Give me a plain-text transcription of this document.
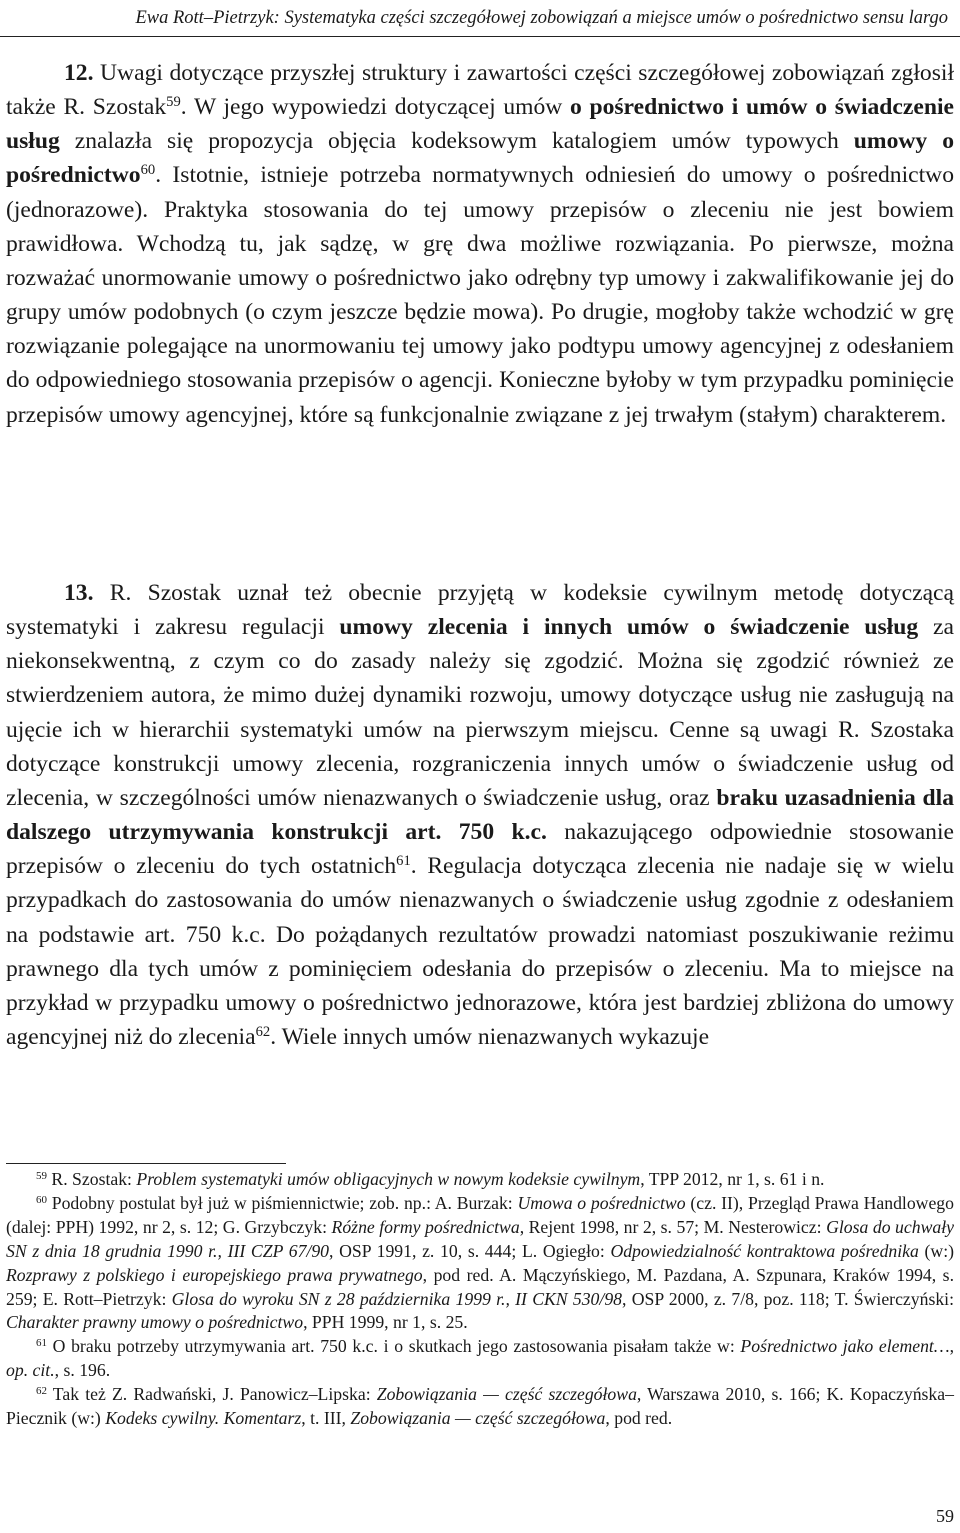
Ewa Rott–Pietrzyk: Systematyka części szczegółowej zobowiązań a miejsce umów o pośrednictwo sensu largo

12. Uwagi dotyczące przyszłej struktury i zawartości części szczegółowej zobowiązań zgłosił także R. Szostak$^{59}$. W jego wypowiedzi dotyczącej umów o pośrednictwo i umów o świadczenie usług znalazła się propozycja objęcia kodeksowym katalogiem umów typowych umowy o pośrednictwo$^{60}$. Istotnie, istnieje potrzeba normatywnych odniesień do umowy o pośrednictwo (jednorazowe). Praktyka stosowania do tej umowy przepisów o zleceniu nie jest bowiem prawidłowa. Wchodzą tu, jak sądzę, w grę dwa możliwe rozwiązania. Po pierwsze, można rozważać unormowanie umowy o pośrednictwo jako odrębny typ umowy i zakwalifikowanie jej do grupy umów podobnych (o czym jeszcze będzie mowa). Po drugie, mogłoby także wchodzić w grę rozwiązanie polegające na unormowaniu tej umowy jako podtypu umowy agencyjnej z odesłaniem do odpowiedniego stosowania przepisów o agencji. Konieczne byłoby w tym przypadku pominięcie przepisów umowy agencyjnej, które są funkcjonalnie związane z jej trwałym (stałym) charakterem.

13. R. Szostak uznał też obecnie przyjętą w kodeksie cywilnym metodę dotyczącą systematyki i zakresu regulacji umowy zlecenia i innych umów o świadczenie usług za niekonsekwentną, z czym co do zasady należy się zgodzić. Można się zgodzić również ze stwierdzeniem autora, że mimo dużej dynamiki rozwoju, umowy dotyczące usług nie zasługują na ujęcie ich w hierarchii systematyki umów na pierwszym miejscu. Cenne są uwagi R. Szostaka dotyczące konstrukcji umowy zlecenia, rozgraniczenia innych umów o świadczenie usług od zlecenia, w szczególności umów nienazwanych o świadczenie usług, oraz braku uzasadnienia dla dalszego utrzymywania konstrukcji art. 750 k.c. nakazującego odpowiednie stosowanie przepisów o zleceniu do tych ostatnich$^{61}$. Regulacja dotycząca zlecenia nie nadaje się w wielu przypadkach do zastosowania do umów nienazwanych o świadczenie usług zgodnie z odesłaniem na podstawie art. 750 k.c. Do pożądanych rezultatów prowadzi natomiast poszukiwanie reżimu prawnego dla tych umów z pominięciem odesłania do przepisów o zleceniu. Ma to miejsce na przykład w przypadku umowy o pośrednictwo jednorazowe, która jest bardziej zbliżona do umowy agencyjnej niż do zlecenia$^{62}$. Wiele innych umów nienazwanych wykazuje

$^{59}$ R. Szostak: Problem systematyki umów obligacyjnych w nowym kodeksie cywilnym, TPP 2012, nr 1, s. 61 i n.

$^{60}$ Podobny postulat był już w piśmiennictwie; zob. np.: A. Burzak: Umowa o pośrednictwo (cz. II), Przegląd Prawa Handlowego (dalej: PPH) 1992, nr 2, s. 12; G. Grzybczyk: Różne formy pośrednictwa, Rejent 1998, nr 2, s. 57; M. Nesterowicz: Glosa do uchwały SN z dnia 18 grudnia 1990 r., III CZP 67/90, OSP 1991, z. 10, s. 444; L. Ogiegło: Odpowiedzialność kontraktowa pośrednika (w:) Rozprawy z polskiego i europejskiego prawa prywatnego, pod red. A. Mączyńskiego, M. Pazdana, A. Szpunara, Kraków 1994, s. 259; E. Rott–Pietrzyk: Glosa do wyroku SN z 28 października 1999 r., II CKN 530/98, OSP 2000, z. 7/8, poz. 118; T. Świerczyński: Charakter prawny umowy o pośrednictwo, PPH 1999, nr 1, s. 25.

$^{61}$ O braku potrzeby utrzymywania art. 750 k.c. i o skutkach jego zastosowania pisałam także w: Pośrednictwo jako element…, op. cit., s. 196.

$^{62}$ Tak też Z. Radwański, J. Panowicz–Lipska: Zobowiązania — część szczegółowa, Warszawa 2010, s. 166; K. Kopaczyńska–Piecznik (w:) Kodeks cywilny. Komentarz, t. III, Zobowiązania — część szczegółowa, pod red.

59
